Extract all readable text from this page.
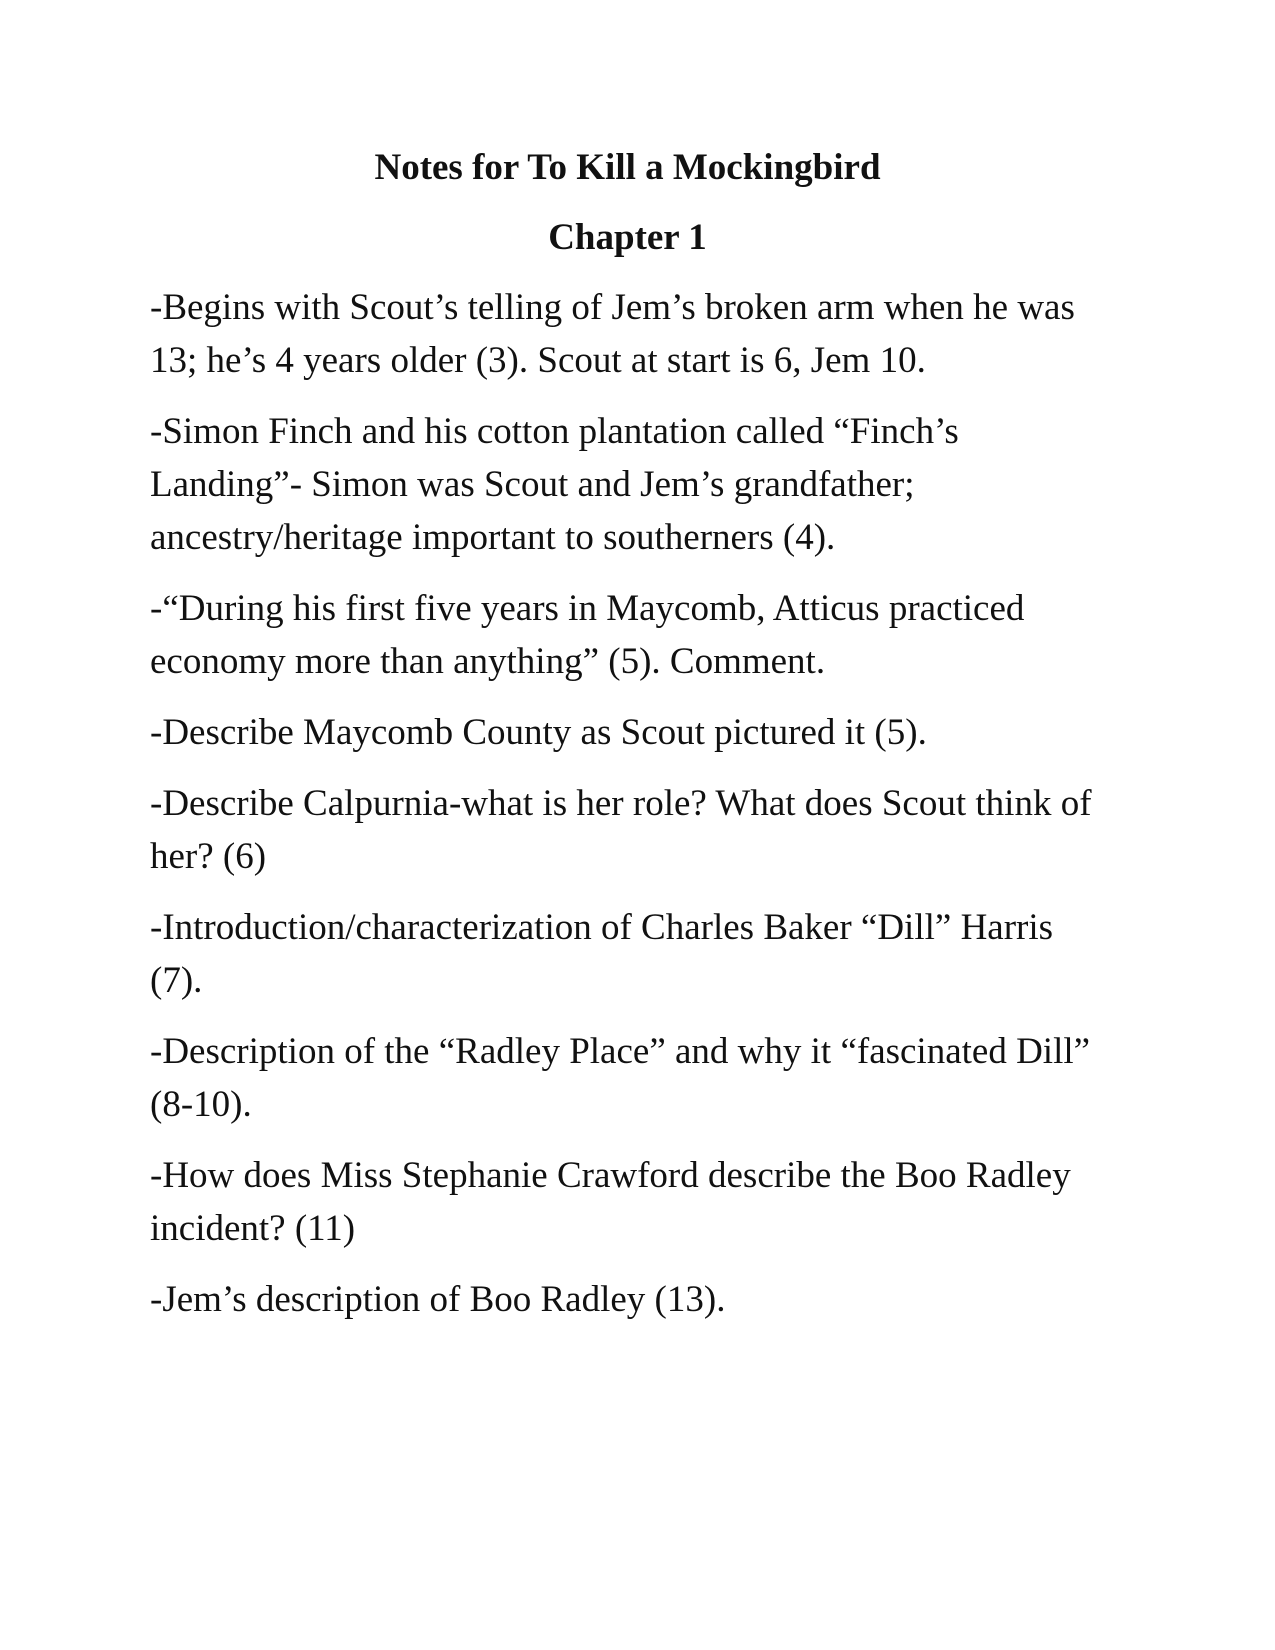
Notes for To Kill a Mockingbird
Chapter 1
-Begins with Scout’s telling of Jem’s broken arm when he was 13; he’s 4 years older (3). Scout at start is 6, Jem 10.
-Simon Finch and his cotton plantation called “Finch’s Landing”- Simon was Scout and Jem’s grandfather; ancestry/heritage important to southerners (4).
-“During his first five years in Maycomb, Atticus practiced economy more than anything” (5). Comment.
-Describe Maycomb County as Scout pictured it (5).
-Describe Calpurnia-what is her role? What does Scout think of her? (6)
-Introduction/characterization of Charles Baker “Dill” Harris (7).
-Description of the “Radley Place” and why it “fascinated Dill” (8-10).
-How does Miss Stephanie Crawford describe the Boo Radley incident? (11)
-Jem’s description of Boo Radley (13).
